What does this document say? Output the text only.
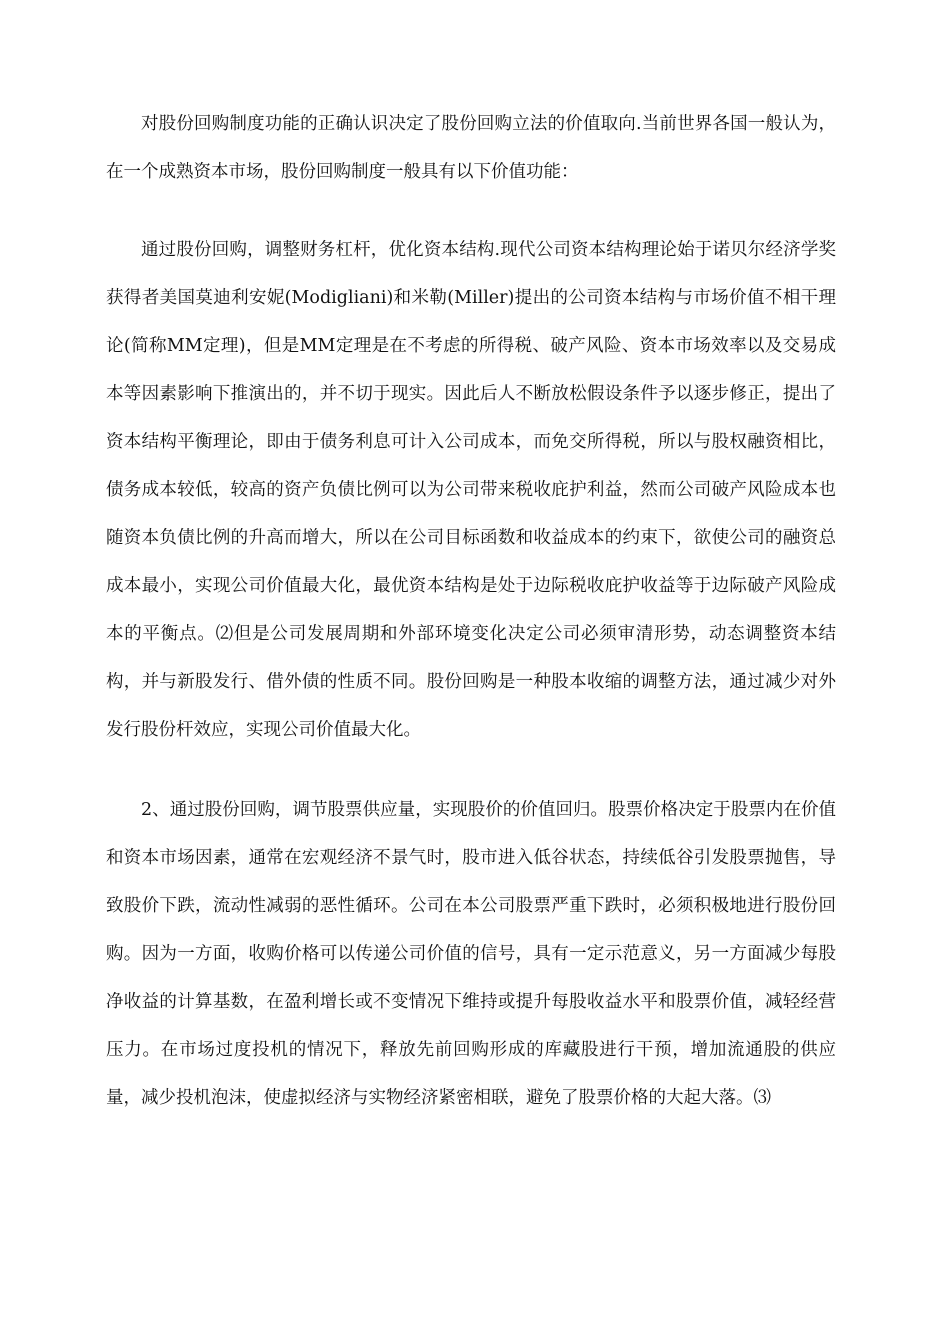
对股份回购制度功能的正确认识决定了股份回购立法的价值取向.当前世界各国一般认为，在一个成熟资本市场，股份回购制度一般具有以下价值功能：

通过股份回购，调整财务杠杆，优化资本结构.现代公司资本结构理论始于诺贝尔经济学奖获得者美国莫迪利安妮(Modigliani)和米勒(Miller)提出的公司资本结构与市场价值不相干理论(简称MM定理)，但是MM定理是在不考虑的所得税、破产风险、资本市场效率以及交易成本等因素影响下推演出的，并不切于现实。因此后人不断放松假设条件予以逐步修正，提出了资本结构平衡理论，即由于债务利息可计入公司成本，而免交所得税，所以与股权融资相比，债务成本较低，较高的资产负债比例可以为公司带来税收庇护利益，然而公司破产风险成本也随资本负债比例的升高而增大，所以在公司目标函数和收益成本的约束下，欲使公司的融资总成本最小，实现公司价值最大化，最优资本结构是处于边际税收庇护收益等于边际破产风险成本的平衡点。⑵但是公司发展周期和外部环境变化决定公司必须审清形势，动态调整资本结构，并与新股发行、借外债的性质不同。股份回购是一种股本收缩的调整方法，通过减少对外发行股份杆效应，实现公司价值最大化。

2、通过股份回购，调节股票供应量，实现股价的价值回归。股票价格决定于股票内在价值和资本市场因素，通常在宏观经济不景气时，股市进入低谷状态，持续低谷引发股票抛售，导致股价下跌，流动性减弱的恶性循环。公司在本公司股票严重下跌时，必须积极地进行股份回购。因为一方面，收购价格可以传递公司价值的信号，具有一定示范意义，另一方面减少每股净收益的计算基数，在盈利增长或不变情况下维持或提升每股收益水平和股票价值，减轻经营压力。在市场过度投机的情况下，释放先前回购形成的库藏股进行干预，增加流通股的供应量，减少投机泡沫，使虚拟经济与实物经济紧密相联，避免了股票价格的大起大落。⑶
